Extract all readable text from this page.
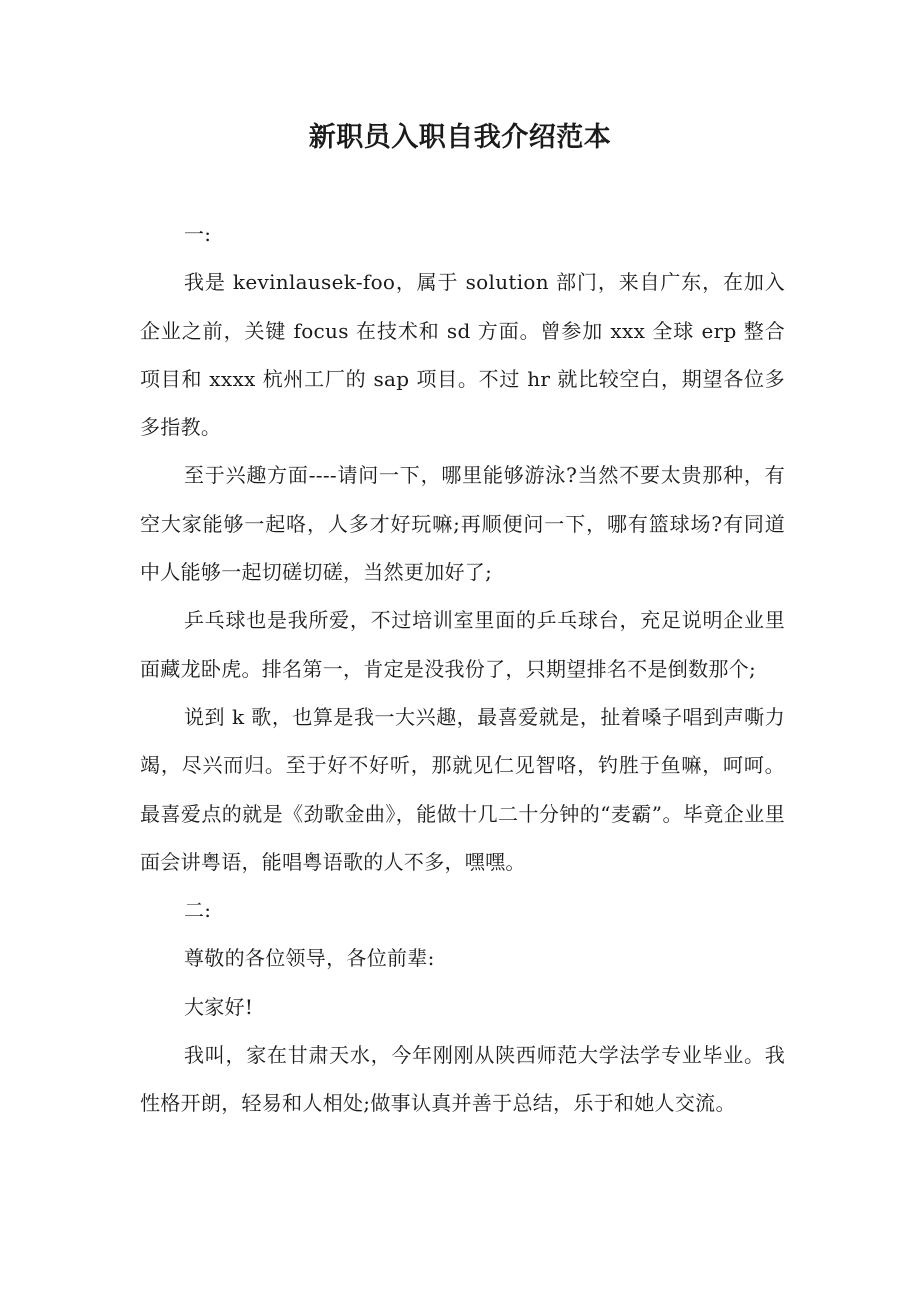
新职员入职自我介绍范本

一:

我是 kevinlausek-foo，属于 solution 部门，来自广东，在加入企业之前，关键 focus 在技术和 sd 方面。曾参加 xxx 全球 erp 整合项目和 xxxx 杭州工厂的 sap 项目。不过 hr 就比较空白，期望各位多多指教。

至于兴趣方面----请问一下，哪里能够游泳?当然不要太贵那种，有空大家能够一起咯，人多才好玩嘛;再顺便问一下，哪有篮球场?有同道中人能够一起切磋切磋，当然更加好了;

乒乓球也是我所爱，不过培训室里面的乒乓球台，充足说明企业里面藏龙卧虎。排名第一，肯定是没我份了，只期望排名不是倒数那个;

说到 k 歌，也算是我一大兴趣，最喜爱就是，扯着嗓子唱到声嘶力竭，尽兴而归。至于好不好听，那就见仁见智咯，钓胜于鱼嘛，呵呵。最喜爱点的就是《劲歌金曲》，能做十几二十分钟的“麦霸”。毕竟企业里面会讲粤语，能唱粤语歌的人不多，嘿嘿。

二:

尊敬的各位领导，各位前辈:

大家好!

我叫，家在甘肃天水，今年刚刚从陕西师范大学法学专业毕业。我性格开朗，轻易和人相处;做事认真并善于总结，乐于和她人交流。
